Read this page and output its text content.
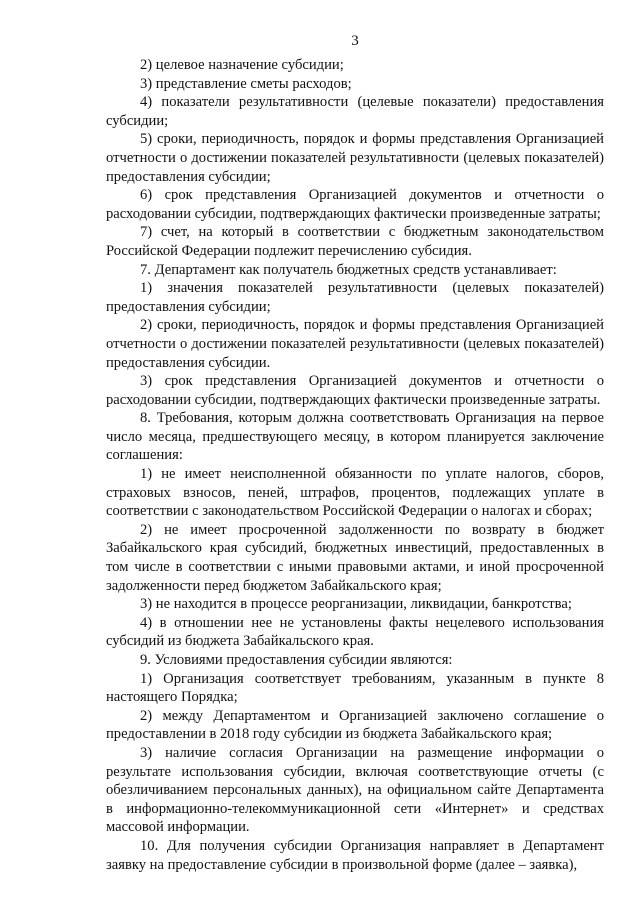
3

2) целевое назначение субсидии;

3) представление сметы расходов;

4) показатели результативности (целевые показатели) предоставления субсидии;

5) сроки, периодичность, порядок и формы представления Организацией отчетности о достижении показателей результативности (целевых показателей) предоставления субсидии;

6) срок представления Организацией документов и отчетности о расходовании субсидии, подтверждающих фактически произведенные затраты;

7) счет, на который в соответствии с бюджетным законодательством Российской Федерации подлежит перечислению субсидия.

7. Департамент как получатель бюджетных средств устанавливает:

1) значения показателей результативности (целевых показателей) предоставления субсидии;

2) сроки, периодичность, порядок и формы представления Организацией отчетности о достижении показателей результативности (целевых показателей) предоставления субсидии.

3) срок представления Организацией документов и отчетности о расходовании субсидии, подтверждающих фактически произведенные затраты.

8. Требования, которым должна соответствовать Организация на первое число месяца, предшествующего месяцу, в котором планируется заключение соглашения:

1) не имеет неисполненной обязанности по уплате налогов, сборов, страховых взносов, пеней, штрафов, процентов, подлежащих уплате в соответствии с законодательством Российской Федерации о налогах и сборах;

2) не имеет просроченной задолженности по возврату в бюджет Забайкальского края субсидий, бюджетных инвестиций, предоставленных в том числе в соответствии с иными правовыми актами, и иной просроченной задолженности перед бюджетом Забайкальского края;

3) не находится в процессе реорганизации, ликвидации, банкротства;

4) в отношении нее не установлены факты нецелевого использования субсидий из бюджета Забайкальского края.

9. Условиями предоставления субсидии являются:

1) Организация соответствует требованиям, указанным в пункте 8 настоящего Порядка;

2) между Департаментом и Организацией заключено соглашение о предоставлении в 2018 году субсидии из бюджета Забайкальского края;

3) наличие согласия Организации на размещение информации о результате использования субсидии, включая соответствующие отчеты (с обезличиванием персональных данных), на официальном сайте Департамента в информационно-телекоммуникационной сети «Интернет» и средствах массовой информации.

10. Для получения субсидии Организация направляет в Департамент заявку на предоставление субсидии в произвольной форме (далее – заявка),
